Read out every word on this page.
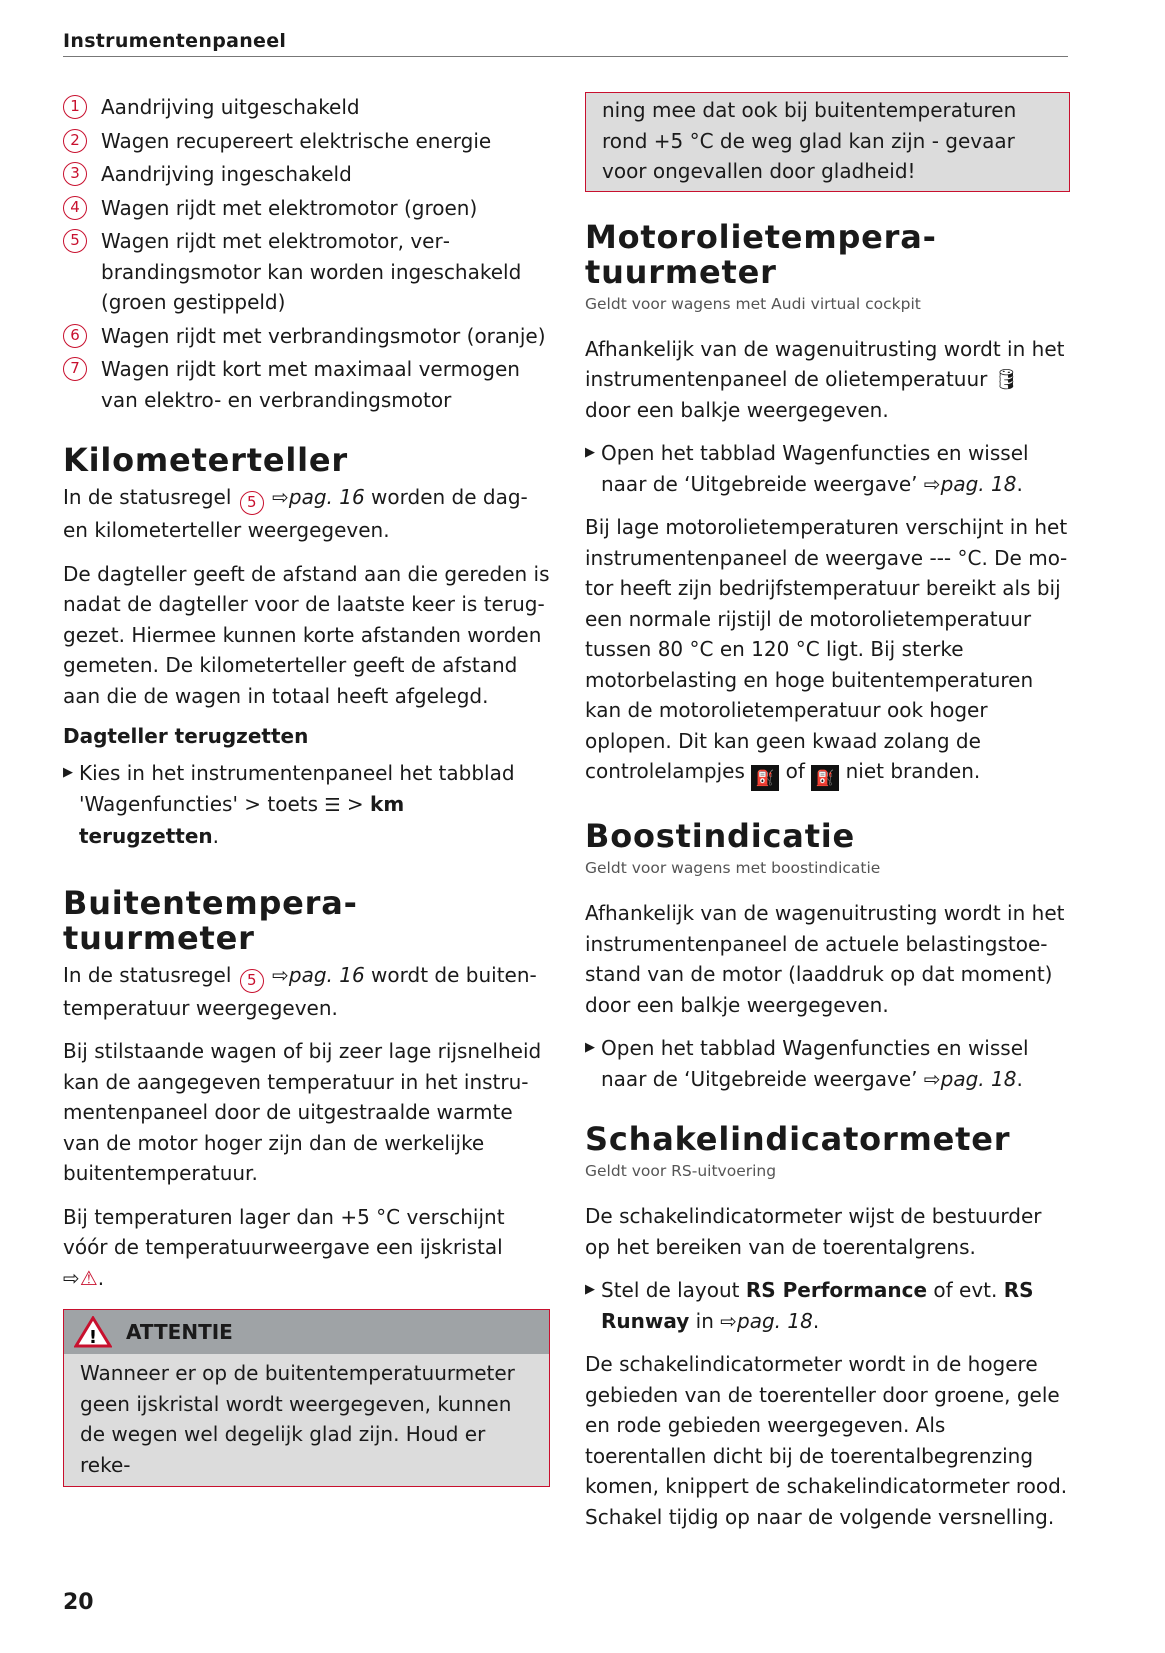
Instrumentenpaneel
1	Aandrijving uitgeschakeld
2	Wagen recupereert elektrische energie
3	Aandrijving ingeschakeld
4	Wagen rijdt met elektromotor (groen)
5	Wagen rijdt met elektromotor, verbrandingsmotor kan worden ingeschakeld (groen gestippeld)
6	Wagen rijdt met verbrandingsmotor (oranje)
7	Wagen rijdt kort met maximaal vermogen van elektro- en verbrandingsmotor
Kilometerteller

In de statusregel 5 ⇨pag. 16 worden de dag- en kilometerteller weergegeven.

De dagteller geeft de afstand aan die gereden is nadat de dagteller voor de laatste keer is teruggezet. Hiermee kunnen korte afstanden worden gemeten. De kilometerteller geeft de afstand aan die de wagen in totaal heeft afgelegd.

Dagteller terugzetten
▶ Kies in het instrumentenpaneel het tabblad 'Wagenfuncties' > toets ☰ > km terugzetten.

Buitentempera-
tuurmeter

In de statusregel 5 ⇨pag. 16 wordt de buitentemperatuur weergegeven.

Bij stilstaande wagen of bij zeer lage rijsnelheid kan de aangegeven temperatuur in het instrumentenpaneel door de uitgestraalde warmte van de motor hoger zijn dan de werkelijke buitentemperatuur.

Bij temperaturen lager dan +5 °C verschijnt vóór de temperatuurweergave een ijskristal ⇨⚠.

! ATTENTIE
Wanneer er op de buitentemperatuurmeter geen ijskristal wordt weergegeven, kunnen de wegen wel degelijk glad zijn. Houd er reke-
ning mee dat ook bij buitentemperaturen rond +5 °C de weg glad kan zijn - gevaar voor ongevallen door gladheid!
Motorolietempera-
tuurmeter
Geldt voor wagens met Audi virtual cockpit

Afhankelijk van de wagenuitrusting wordt in het instrumentenpaneel de olietemperatuur 🛢 door een balkje weergegeven.

▶ Open het tabblad Wagenfuncties en wissel naar de ‘Uitgebreide weergave’ ⇨pag. 18.

Bij lage motorolietemperaturen verschijnt in het instrumentenpaneel de weergave --- °C. De motor heeft zijn bedrijfstemperatuur bereikt als bij een normale rijstijl de motorolietemperatuur tussen 80 °C en 120 °C ligt. Bij sterke motorbelasting en hoge buitentemperaturen kan de motorolietemperatuur ook hoger oplopen. Dit kan geen kwaad zolang de controlelampjes ⛽ of ⛽ niet branden.

Boostindicatie
Geldt voor wagens met boostindicatie

Afhankelijk van de wagenuitrusting wordt in het instrumentenpaneel de actuele belastingstoestand van de motor (laaddruk op dat moment) door een balkje weergegeven.

▶ Open het tabblad Wagenfuncties en wissel naar de ‘Uitgebreide weergave’ ⇨pag. 18.

Schakelindicatormeter
Geldt voor RS-uitvoering

De schakelindicatormeter wijst de bestuurder op het bereiken van de toerentalgrens.

▶ Stel de layout RS Performance of evt. RS Runway in ⇨pag. 18.

De schakelindicatormeter wordt in de hogere gebieden van de toerenteller door groene, gele en rode gebieden weergegeven. Als toerentallen dicht bij de toerentalbegrenzing komen, knippert de schakelindicatormeter rood. Schakel tijdig op naar de volgende versnelling.

20
